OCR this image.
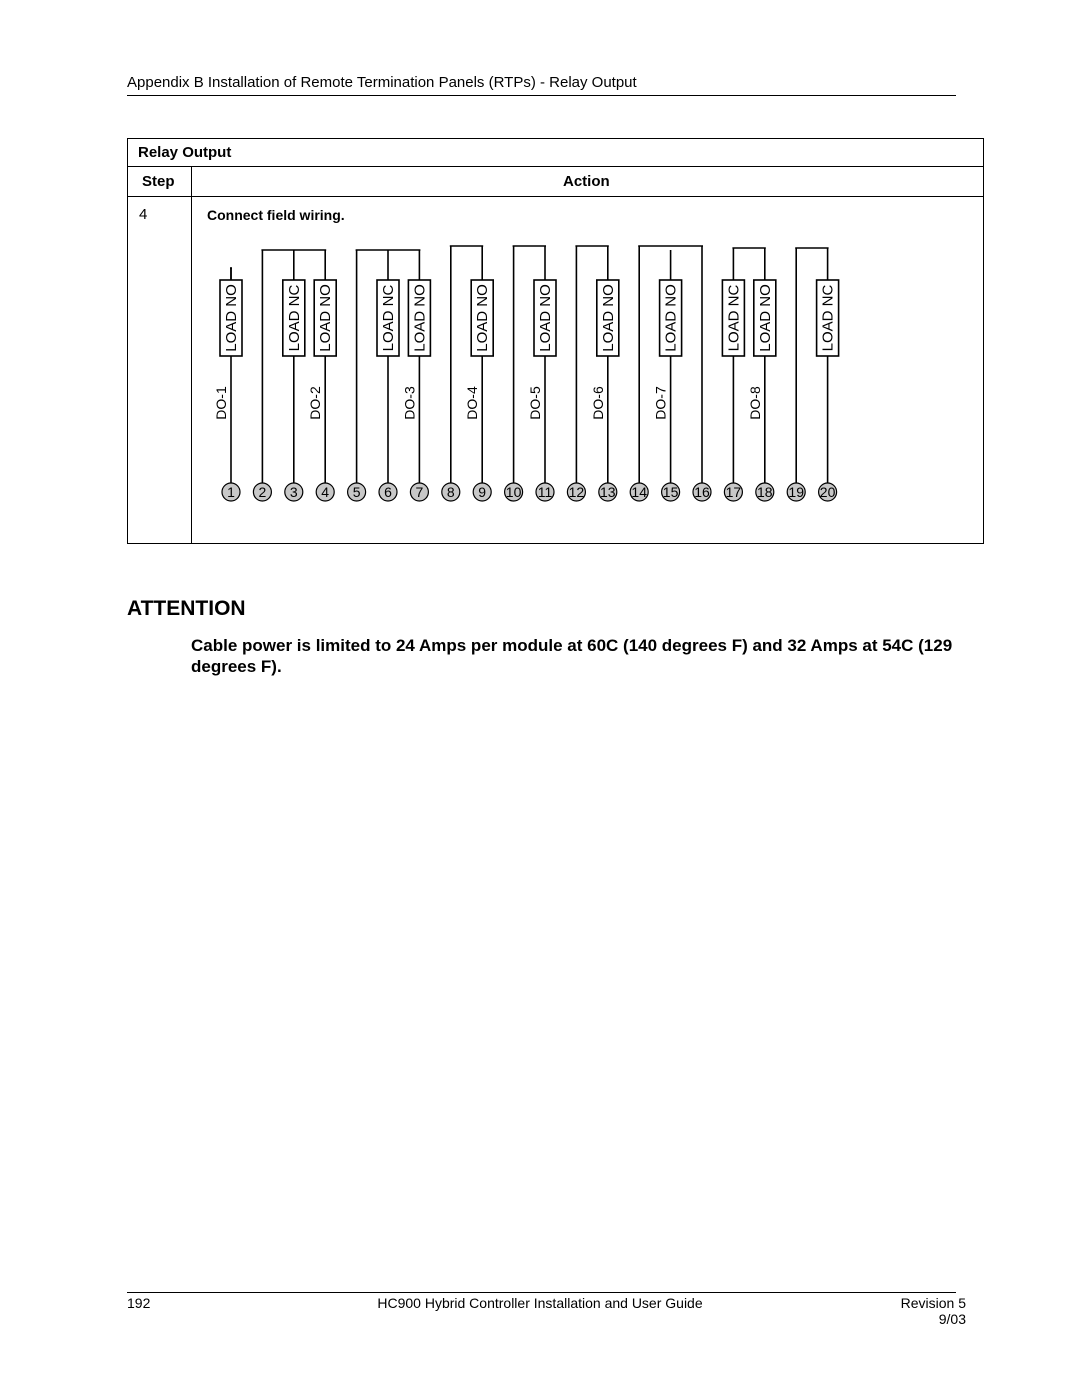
Appendix B Installation of Remote Termination Panels (RTPs) - Relay Output
Relay Output
Step	Action
4	Connect field wiring.
LOAD NO	LOAD NC LOAD NO	LOAD NC LOAD NO	LOAD NO	LOAD NO	LOAD NO	LOAD NO	LOAD NC LOAD NO	LOAD NC
DO-1	DO-2	DO-3	DO-4	DO-5	DO-6	DO-7	DO-8
1 2 3 4 5 6 7 8 9 10 11 12 13 14 15 16 17 18 19 20
ATTENTION
Cable power is limited to 24 Amps per module at 60C (140 degrees F) and 32 Amps at 54C (129 degrees F).
192	HC900 Hybrid Controller Installation and User Guide	Revision 5
9/03
